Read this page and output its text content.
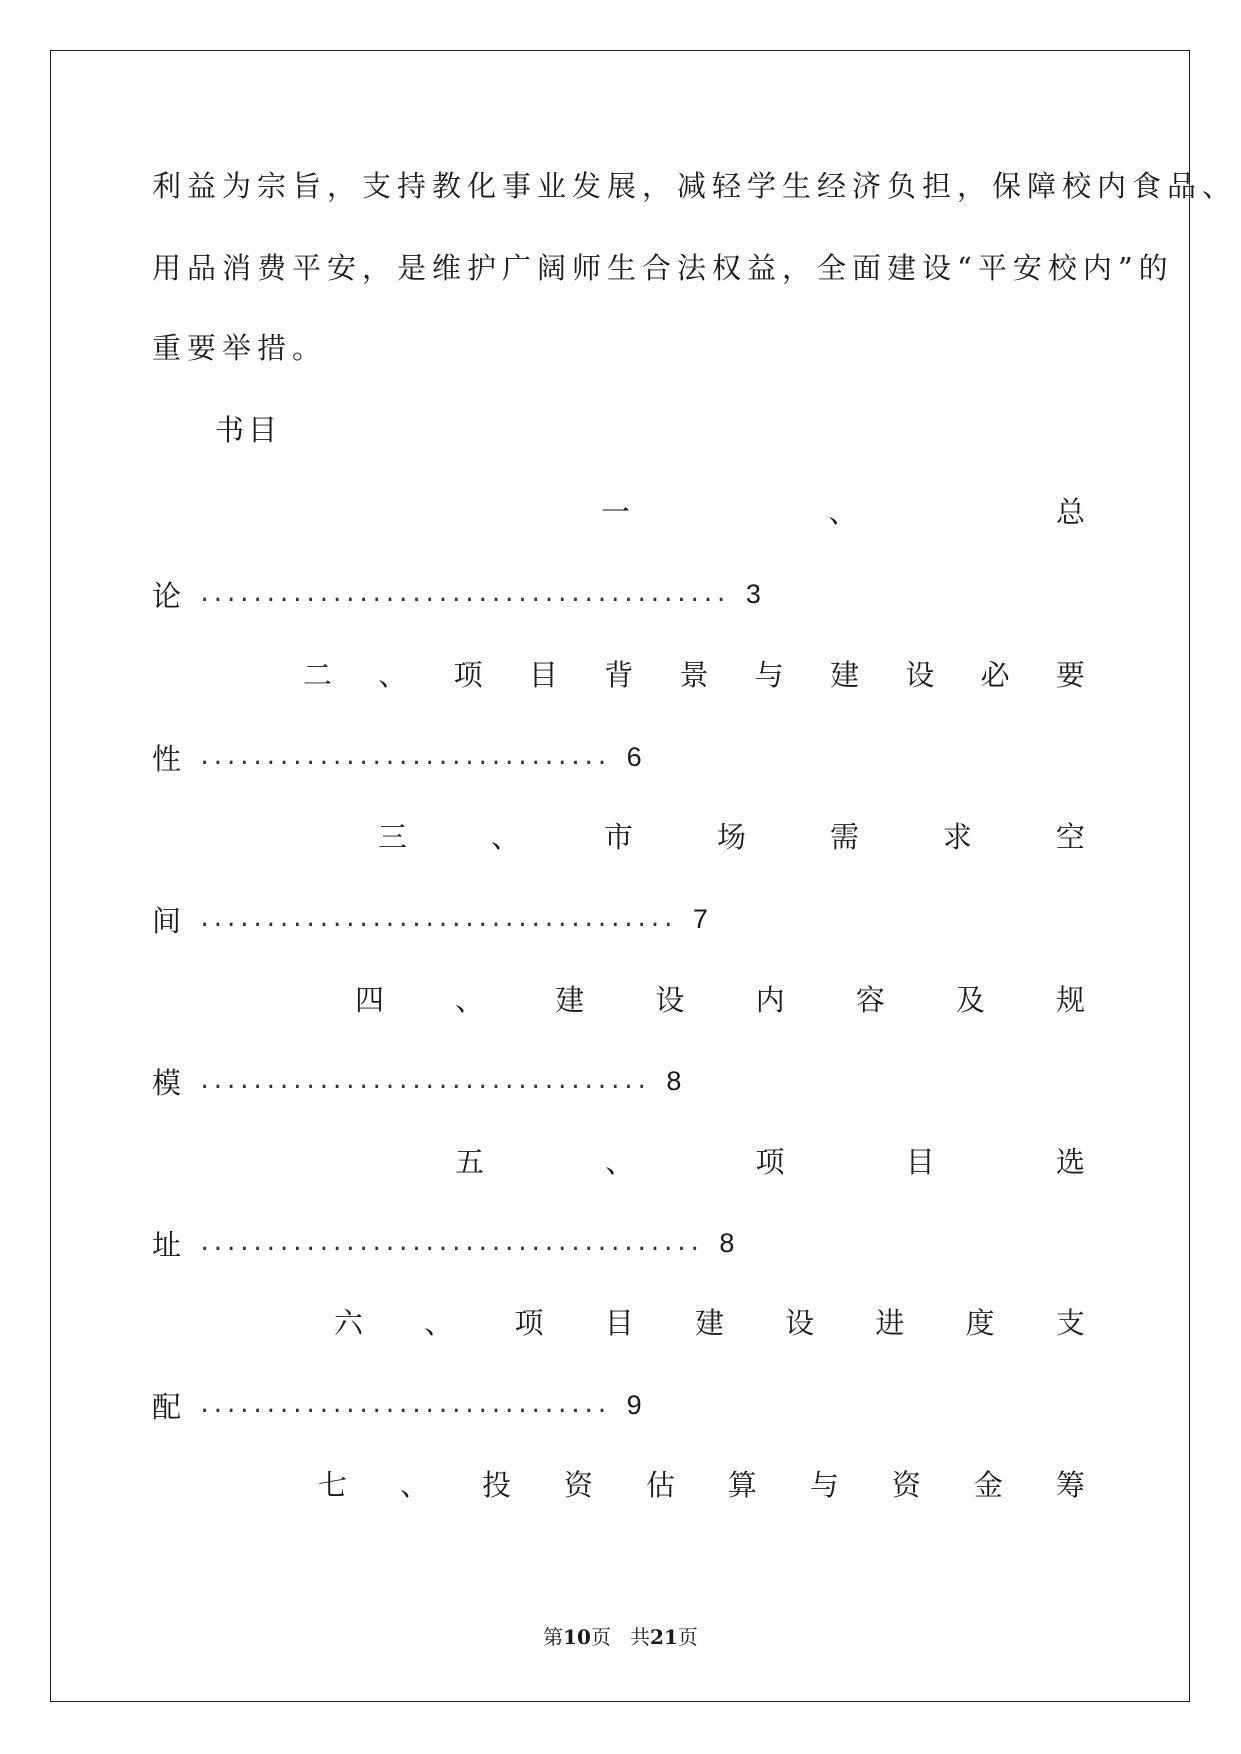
利益为宗旨，支持教化事业发展，减轻学生经济负担，保障校内食品、
用品消费平安，是维护广阔师生合法权益，全面建设“平安校内”的
重要举措。
书目
一	、	总
论 ........................................ 3
二 、 项 目 背 景 与 建 设 必 要
性 ............................... 6
三	、	市	场	需	求	空
间 .................................... 7
四 、 建 设 内 容 及 规
模 .................................. 8
五	、	项	目	选
址 ...................................... 8
六 、 项 目 建 设 进 度 支
配 ............................... 9
七 、 投 资 估 算 与 资 金 筹
第10页   共21页
